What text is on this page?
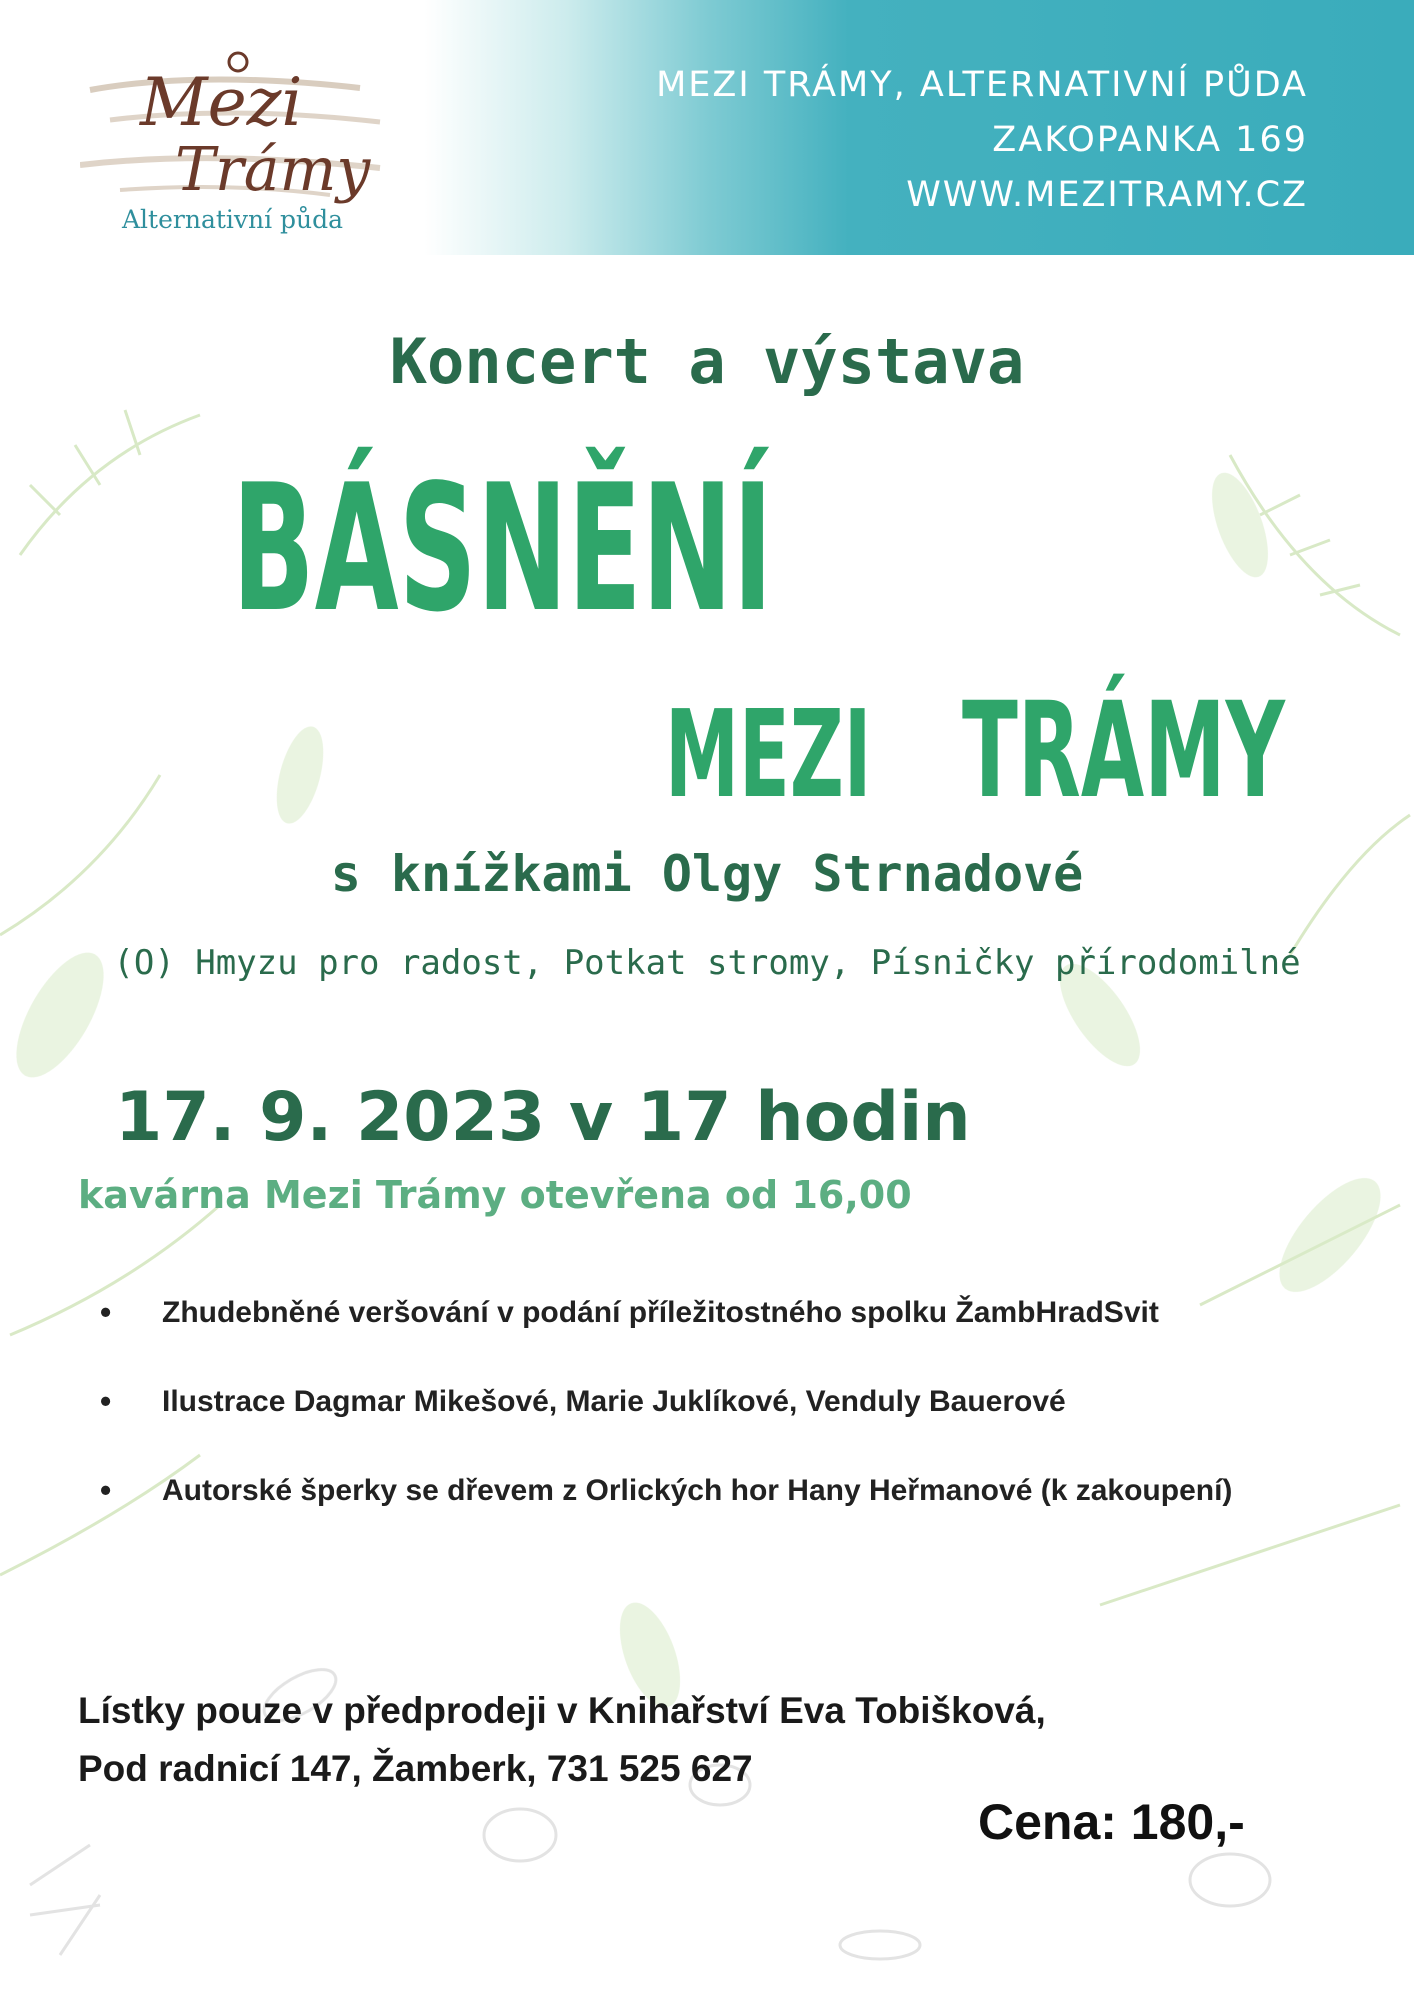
Mezi
Trámy
Alternativní půda
MEZI TRÁMY, ALTERNATIVNÍ PŮDA
ZAKOPANKA 169
WWW.MEZITRAMY.CZ
Koncert a výstava
BÁSNĚNÍ
MEZI TRÁMY
s knížkami Olgy Strnadové
(O) Hmyzu pro radost, Potkat stromy, Písničky přírodomilné
17. 9. 2023 v 17 hodin
kavárna Mezi Trámy otevřena od 16,00
• Zhudebněné veršování v podání příležitostného spolku ŽambHradSvit
• Ilustrace Dagmar Mikešové, Marie Juklíkové, Venduly Bauerové
• Autorské šperky se dřevem z Orlických hor Hany Heřmanové (k zakoupení)
Lístky pouze v předprodeji v Knihařství Eva Tobišková,
Pod radnicí 147, Žamberk, 731 525 627
Cena: 180,-
